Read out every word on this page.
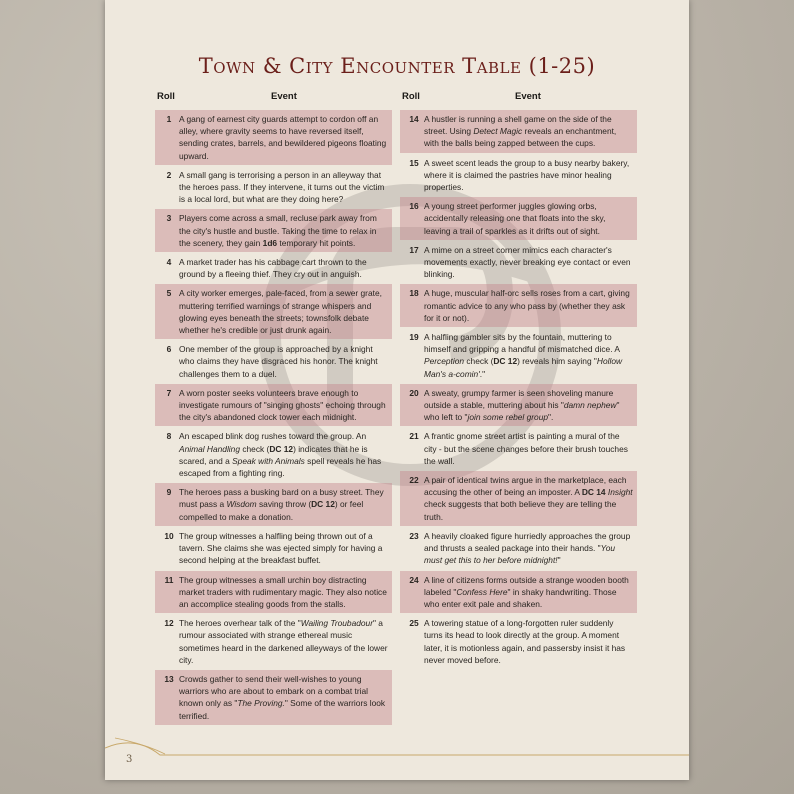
Town & City Encounter Table (1-25)
Roll	Event	Roll	Event
1 A gang of earnest city guards attempt to cordon off an alley, where gravity seems to have reversed itself, sending crates, barrels, and bewildered pigeons floating upward.
2 A small gang is terrorising a person in an alleyway that the heroes pass. If they intervene, it turns out the victim is a local lord, but what are they doing here?
3 Players come across a small, recluse park away from the city's hustle and bustle. Taking the time to relax in the scenery, they gain 1d6 temporary hit points.
4 A market trader has his cabbage cart thrown to the ground by a fleeing thief. They cry out in anguish.
5 A city worker emerges, pale-faced, from a sewer grate, muttering terrified warnings of strange whispers and glowing eyes beneath the streets; townsfolk debate whether he's credible or just drunk again.
6 One member of the group is approached by a knight who claims they have disgraced his honor. The knight challenges them to a duel.
7 A worn poster seeks volunteers brave enough to investigate rumours of "singing ghosts" echoing through the city's abandoned clock tower each midnight.
8 An escaped blink dog rushes toward the group. An Animal Handling check (DC 12) indicates that he is scared, and a Speak with Animals spell reveals he has escaped from a fighting ring.
9 The heroes pass a busking bard on a busy street. They must pass a Wisdom saving throw (DC 12) or feel compelled to make a donation.
10 The group witnesses a halfling being thrown out of a tavern. She claims she was ejected simply for having a second helping at the breakfast buffet.
11 The group witnesses a small urchin boy distracting market traders with rudimentary magic. They also notice an accomplice stealing goods from the stalls.
12 The heroes overhear talk of the "Wailing Troubadour" a rumour associated with strange ethereal music sometimes heard in the darkened alleyways of the lower city.
13 Crowds gather to send their well-wishes to young warriors who are about to embark on a combat trial known only as "The Proving." Some of the warriors look terrified.
14 A hustler is running a shell game on the side of the street. Using Detect Magic reveals an enchantment, with the balls being zapped between the cups.
15 A sweet scent leads the group to a busy nearby bakery, where it is claimed the pastries have minor healing properties.
16 A young street performer juggles glowing orbs, accidentally releasing one that floats into the sky, leaving a trail of sparkles as it drifts out of sight.
17 A mime on a street corner mimics each character's movements exactly, never breaking eye contact or even blinking.
18 A huge, muscular half-orc sells roses from a cart, giving romantic advice to any who pass by (whether they ask for it or not).
19 A halfling gambler sits by the fountain, muttering to himself and gripping a handful of mismatched dice. A Perception check (DC 12) reveals him saying "Hollow Man's a-comin'."
20 A sweaty, grumpy farmer is seen shoveling manure outside a stable, muttering about his "damn nephew" who left to "join some rebel group".
21 A frantic gnome street artist is painting a mural of the city - but the scene changes before their brush touches the wall.
22 A pair of identical twins argue in the marketplace, each accusing the other of being an imposter. A DC 14 Insight check suggests that both believe they are telling the truth.
23 A heavily cloaked figure hurriedly approaches the group and thrusts a sealed package into their hands. "You must get this to her before midnight!"
24 A line of citizens forms outside a strange wooden booth labeled "Confess Here" in shaky handwriting. Those who enter exit pale and shaken.
25 A towering statue of a long-forgotten ruler suddenly turns its head to look directly at the group. A moment later, it is motionless again, and passersby insist it has never moved before.
3
